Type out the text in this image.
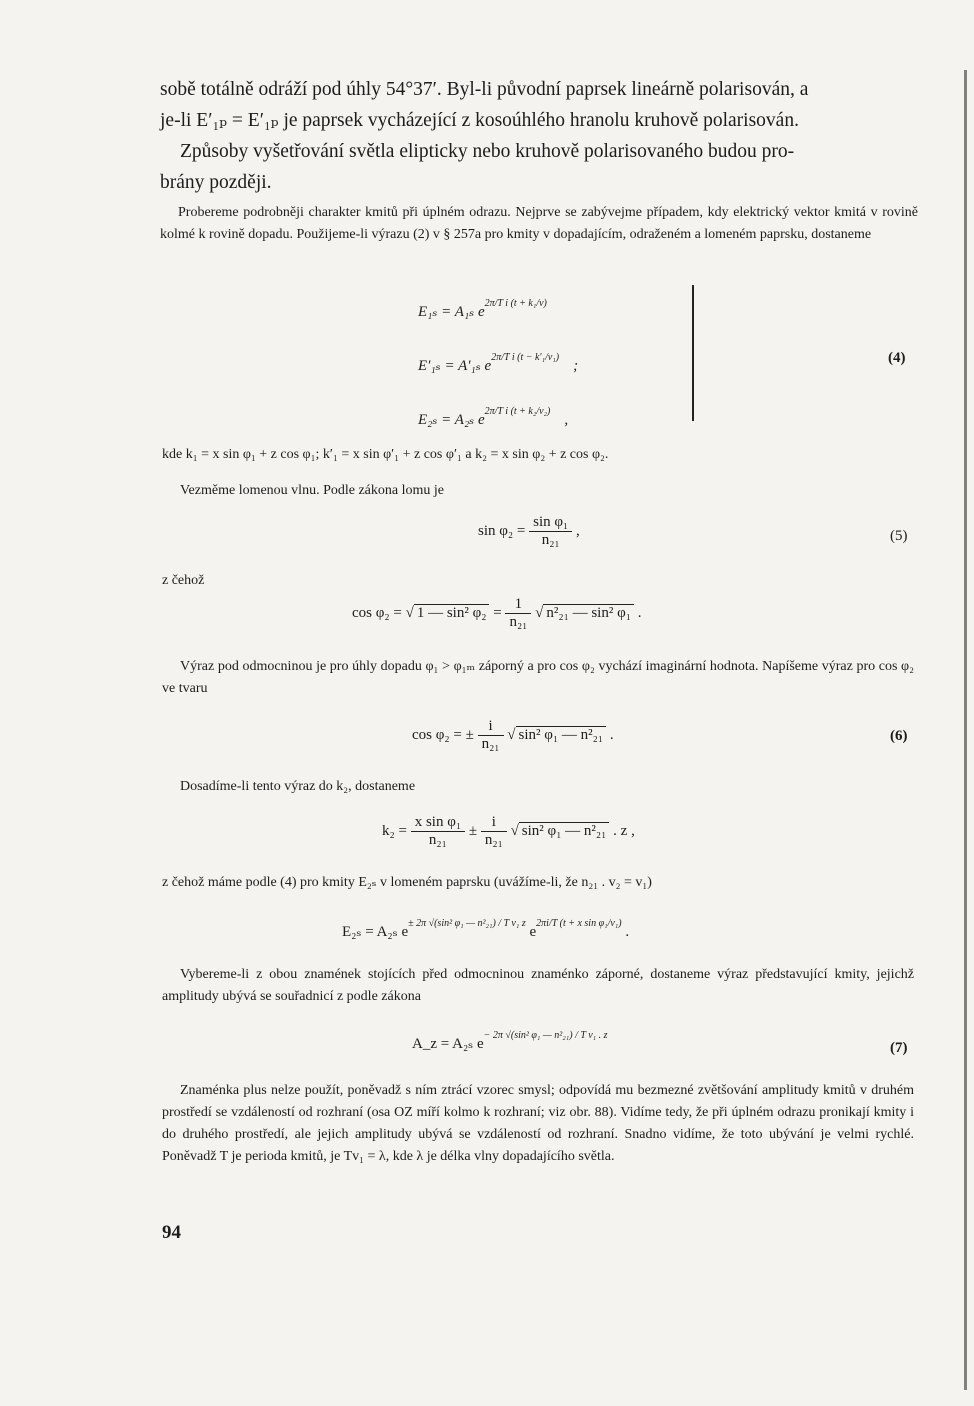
sobě totálně odráží pod úhly 54°37′. Byl-li původní paprsek lineárně polarisován, a

je-li E′₁ₚ = E′₁ₚ je paprsek vycházející z kosoúhlého hranolu kruhově polarisován.

Způsoby vyšetřování světla elipticky nebo kruhově polarisovaného budou pro-

brány později.

Probereme podrobněji charakter kmitů při úplném odrazu. Nejprve se zabývejme případem, kdy elektrický vektor kmitá v rovině kolmé k rovině dopadu. Použijeme-li výrazu (2) v § 257a pro kmity v dopadajícím, odraženém a lomeném paprsku, dostaneme

E₁ₛ = A₁ₛ e2π/T i (t + k₁/v)
E′₁ₛ = A′₁ₛ e2π/T i (t − k′₁/v₁);
E₂ₛ = A₂ₛ e2π/T i (t + k₂/v₂),
(4)

kde k₁ = x sin φ₁ + z cos φ₁; k′₁ = x sin φ′₁ + z cos φ′₁ a k₂ = x sin φ₂ + z cos φ₂.

Vezměme lomenou vlnu. Podle zákona lomu je

$\sin \varphi_2 = \frac{\text{sin φ₁}}{\text{n₂₁}}$ ,	(5)

z čehož

cos φ₂ = √ 1 — sin² $\varphi_2 = \frac{1}{\text{n₂₁}}$ √ n²₂₁ — sin² φ₁ .

Výraz pod odmocninou je pro úhly dopadu φ₁ > φ₁ₘ záporný a pro cos φ₂ vychází imaginární hodnota. Napíšeme výraz pro cos φ₂ ve tvaru

cos φ₂ = ± $\frac{i}{\text{n₂₁}}$ √ sin² φ₁ — n²₂₁ .	(6)

Dosadíme-li tento výraz do k₂, dostaneme

$k_2 = \frac{\text{x sin φ₁}}{\text{n₂₁}} \pm \frac{i}{\text{n₂₁}}$ √ sin² φ₁ — n²₂₁ . z ,

z čehož máme podle (4) pro kmity E₂ₛ v lomeném paprsku (uvážíme-li, že n₂₁ . v₂ = v₁)

E₂ₛ = A₂ₛ e± 2π √(sin² φ₁ — n²₂₁) / T v₁ z e2πi/T (t + x sin φ₁/v₁) .

Vybereme-li z obou znamének stojících před odmocninou znaménko záporné, dostaneme výraz představující kmity, jejichž amplitudy ubývá se souřadnicí z podle zákona

A_z = A₂ₛ e− 2π √(sin² φ₁ — n²₂₁) / T v₁ . z
(7)

Znaménka plus nelze použít, poněvadž s ním ztrácí vzorec smysl; odpovídá mu bezmezné zvětšování amplitudy kmitů v druhém prostředí se vzdáleností od rozhraní (osa OZ míří kolmo k rozhraní; viz obr. 88). Vidíme tedy, že při úplném odrazu pronikají kmity i do druhého prostředí, ale jejich amplitudy ubývá se vzdáleností od rozhraní. Snadno vidíme, že toto ubývání je velmi rychlé. Poněvadž T je perioda kmitů, je Tv₁ = λ, kde λ je délka vlny dopadajícího světla.

94
